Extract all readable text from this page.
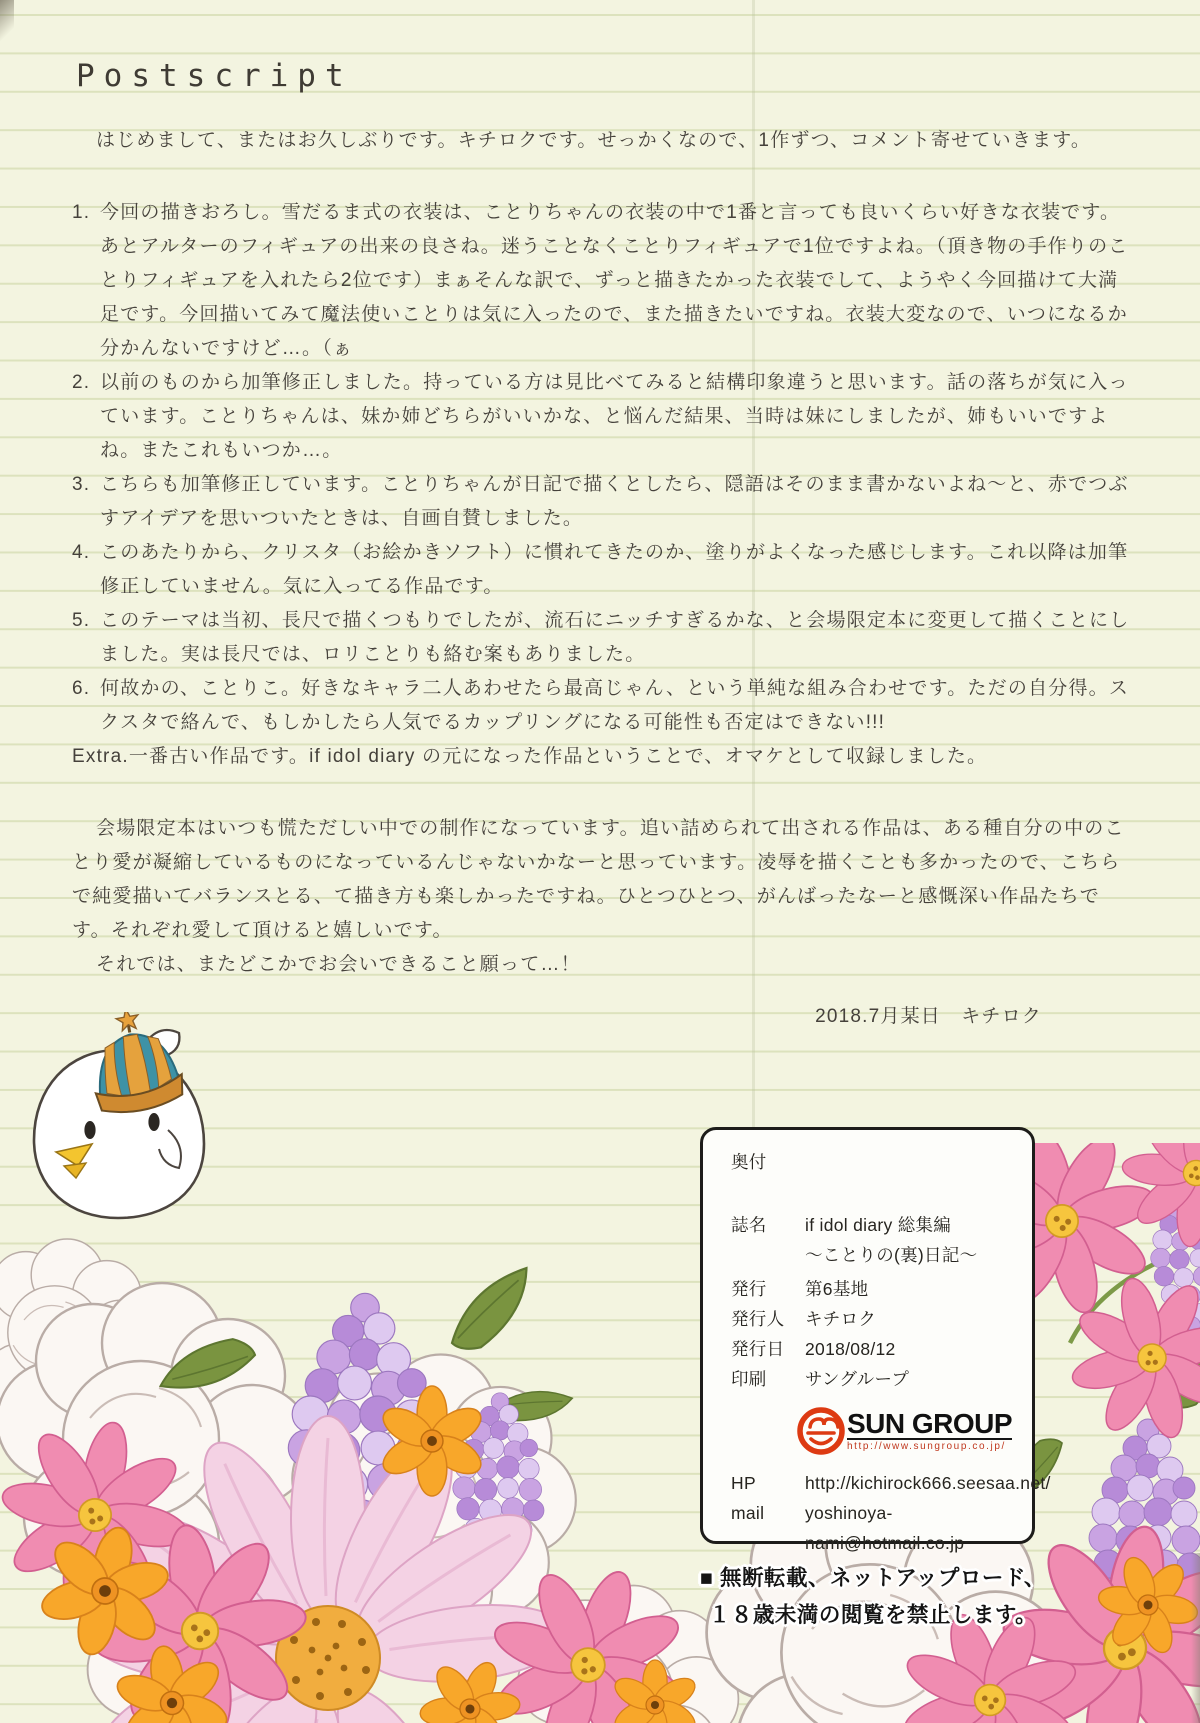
Postscript
はじめまして、またはお久しぶりです。キチロクです。せっかくなので、1作ずつ、コメント寄せていきます。
1. 今回の描きおろし。雪だるま式の衣装は、ことりちゃんの衣装の中で1番と言っても良いくらい好きな衣装です。あとアルターのフィギュアの出来の良さね。迷うことなくことりフィギュアで1位ですよね。（頂き物の手作りのことりフィギュアを入れたら2位です）まぁそんな訳で、ずっと描きたかった衣装でして、ようやく今回描けて大満足です。今回描いてみて魔法使いことりは気に入ったので、また描きたいですね。衣装大変なので、いつになるか分かんないですけど…。（ぁ
2. 以前のものから加筆修正しました。持っている方は見比べてみると結構印象違うと思います。話の落ちが気に入っています。ことりちゃんは、妹か姉どちらがいいかな、と悩んだ結果、当時は妹にしましたが、姉もいいですよね。またこれもいつか…。
3. こちらも加筆修正しています。ことりちゃんが日記で描くとしたら、隠語はそのまま書かないよね～と、赤でつぶすアイデアを思いついたときは、自画自賛しました。
4. このあたりから、クリスタ（お絵かきソフト）に慣れてきたのか、塗りがよくなった感じします。これ以降は加筆修正していません。気に入ってる作品です。
5. このテーマは当初、長尺で描くつもりでしたが、流石にニッチすぎるかな、と会場限定本に変更して描くことにしました。実は長尺では、ロリことりも絡む案もありました。
6. 何故かの、ことりこ。好きなキャラ二人あわせたら最高じゃん、という単純な組み合わせです。ただの自分得。スクスタで絡んで、もしかしたら人気でるカップリングになる可能性も否定はできない!!!
Extra.一番古い作品です。if idol diary の元になった作品ということで、オマケとして収録しました。

会場限定本はいつも慌ただしい中での制作になっています。追い詰められて出される作品は、ある種自分の中のことり愛が凝縮しているものになっているんじゃないかなーと思っています。凌辱を描くことも多かったので、こちらで純愛描いてバランスとる、て描き方も楽しかったですね。ひとつひとつ、がんばったなーと感慨深い作品たちです。それぞれ愛して頂けると嬉しいです。

それでは、またどこかでお会いできること願って…！

2018.7月某日　キチロク
奥付
誌名	if idol diary 総集編
～ことりの(裏)日記～
発行	第6基地
発行人	キチロク
発行日	2018/08/12
印刷	サングループ
SUN GROUP
http://www.sungroup.co.jp/
HP	http://kichirock666.seesaa.net/
mail	yoshinoya-nami@hotmail.co.jp
■ 無断転載、ネットアップロード、
１８歳未満の閲覧を禁止します。
